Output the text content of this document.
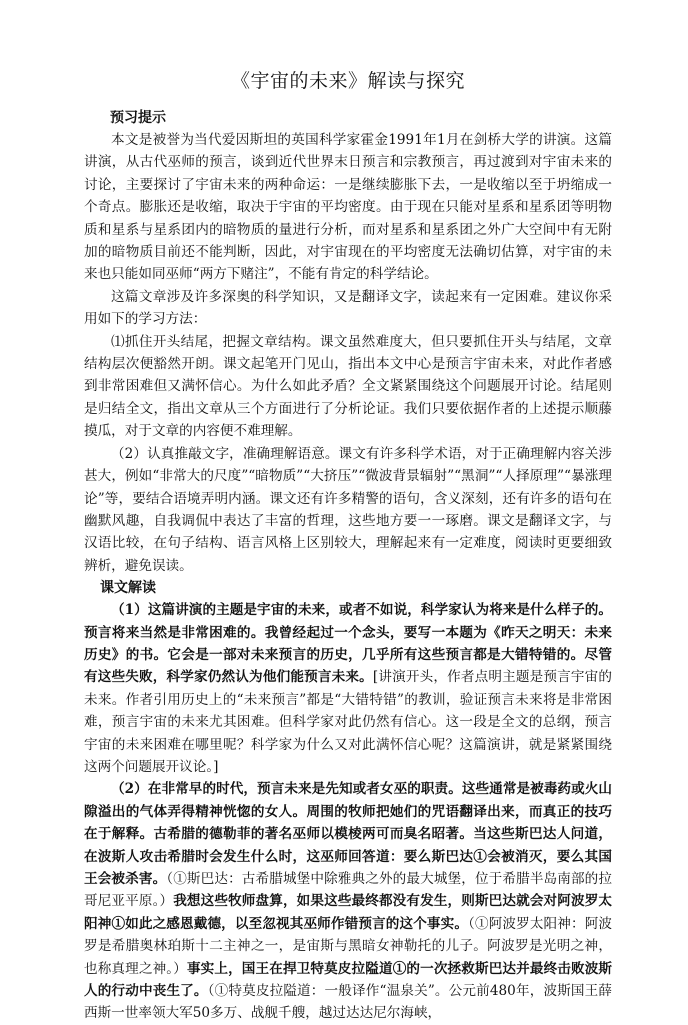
《宇宙的未来》解读与探究
预习提示

本文是被誉为当代爱因斯坦的英国科学家霍金1991年1月在剑桥大学的讲演。这篇讲演，从古代巫师的预言，谈到近代世界末日预言和宗教预言，再过渡到对宇宙未来的讨论，主要探讨了宇宙未来的两种命运：一是继续膨胀下去，一是收缩以至于坍缩成一个奇点。膨胀还是收缩，取决于宇宙的平均密度。由于现在只能对星系和星系团等明物质和星系与星系团内的暗物质的量进行分析，而对星系和星系团之外广大空间中有无附加的暗物质目前还不能判断，因此，对宇宙现在的平均密度无法确切估算，对宇宙的未来也只能如同巫师“两方下赌注”，不能有肯定的科学结论。

这篇文章涉及许多深奥的科学知识，又是翻译文字，读起来有一定困难。建议你采用如下的学习方法：

⑴抓住开头结尾，把握文章结构。课文虽然难度大，但只要抓住开头与结尾，文章结构层次便豁然开朗。课文起笔开门见山，指出本文中心是预言宇宙未来，对此作者感到非常困难但又满怀信心。为什么如此矛盾？全文紧紧围绕这个问题展开讨论。结尾则是归结全文，指出文章从三个方面进行了分析论证。我们只要依据作者的上述提示顺藤摸瓜，对于文章的内容便不难理解。

（2）认真推敲文字，准确理解语意。课文有许多科学术语，对于正确理解内容关涉甚大，例如“非常大的尺度”“暗物质”“大挤压”“微波背景辐射”“黑洞”“人择原理”“暴涨理论”等，要结合语境弄明内涵。课文还有许多精警的语句，含义深刻，还有许多的语句在幽默风趣，自我调侃中表达了丰富的哲理，这些地方要一一琢磨。课文是翻译文字，与汉语比较，在句子结构、语言风格上区别较大，理解起来有一定难度，阅读时更要细致辨析，避免误读。

课文解读

（1）这篇讲演的主题是宇宙的未来，或者不如说，科学家认为将来是什么样子的。预言将来当然是非常困难的。我曾经起过一个念头，要写一本题为《昨天之明天：未来历史》的书。它会是一部对未来预言的历史，几乎所有这些预言都是大错特错的。尽管有这些失败，科学家仍然认为他们能预言未来。[讲演开头，作者点明主题是预言宇宙的未来。作者引用历史上的“未来预言”都是“大错特错”的教训，验证预言未来将是非常困难，预言宇宙的未来尤其困难。但科学家对此仍然有信心。这一段是全文的总纲，预言宇宙的未来困难在哪里呢？科学家为什么又对此满怀信心呢？这篇演讲，就是紧紧围绕这两个问题展开议论。]

（2）在非常早的时代，预言未来是先知或者女巫的职责。这些通常是被毒药或火山隙溢出的气体弄得精神恍惚的女人。周围的牧师把她们的咒语翻译出来，而真正的技巧在于解释。古希腊的德勒菲的著名巫师以模棱两可而臭名昭著。当这些斯巴达人问道，在波斯人攻击希腊时会发生什么时，这巫师回答道：要么斯巴达①会被消灭，要么其国王会被杀害。（①斯巴达：古希腊城堡中除雅典之外的最大城堡，位于希腊半岛南部的拉哥尼亚平原。）我想这些牧师盘算，如果这些最终都没有发生，则斯巴达就会对阿波罗太阳神①如此之感恩戴德，以至忽视其巫师作错预言的这个事实。（①阿波罗太阳神：阿波罗是希腊奥林珀斯十二主神之一，是宙斯与黑暗女神勒托的儿子。阿波罗是光明之神，也称真理之神。）事实上，国王在捍卫特莫皮拉隘道①的一次拯救斯巴达并最终击败波斯人的行动中丧生了。（①特莫皮拉隘道：一般译作“温泉关”。公元前480年，波斯国王薛西斯一世率领大军50多万、战舰千艘，越过达达尼尔海峡，
